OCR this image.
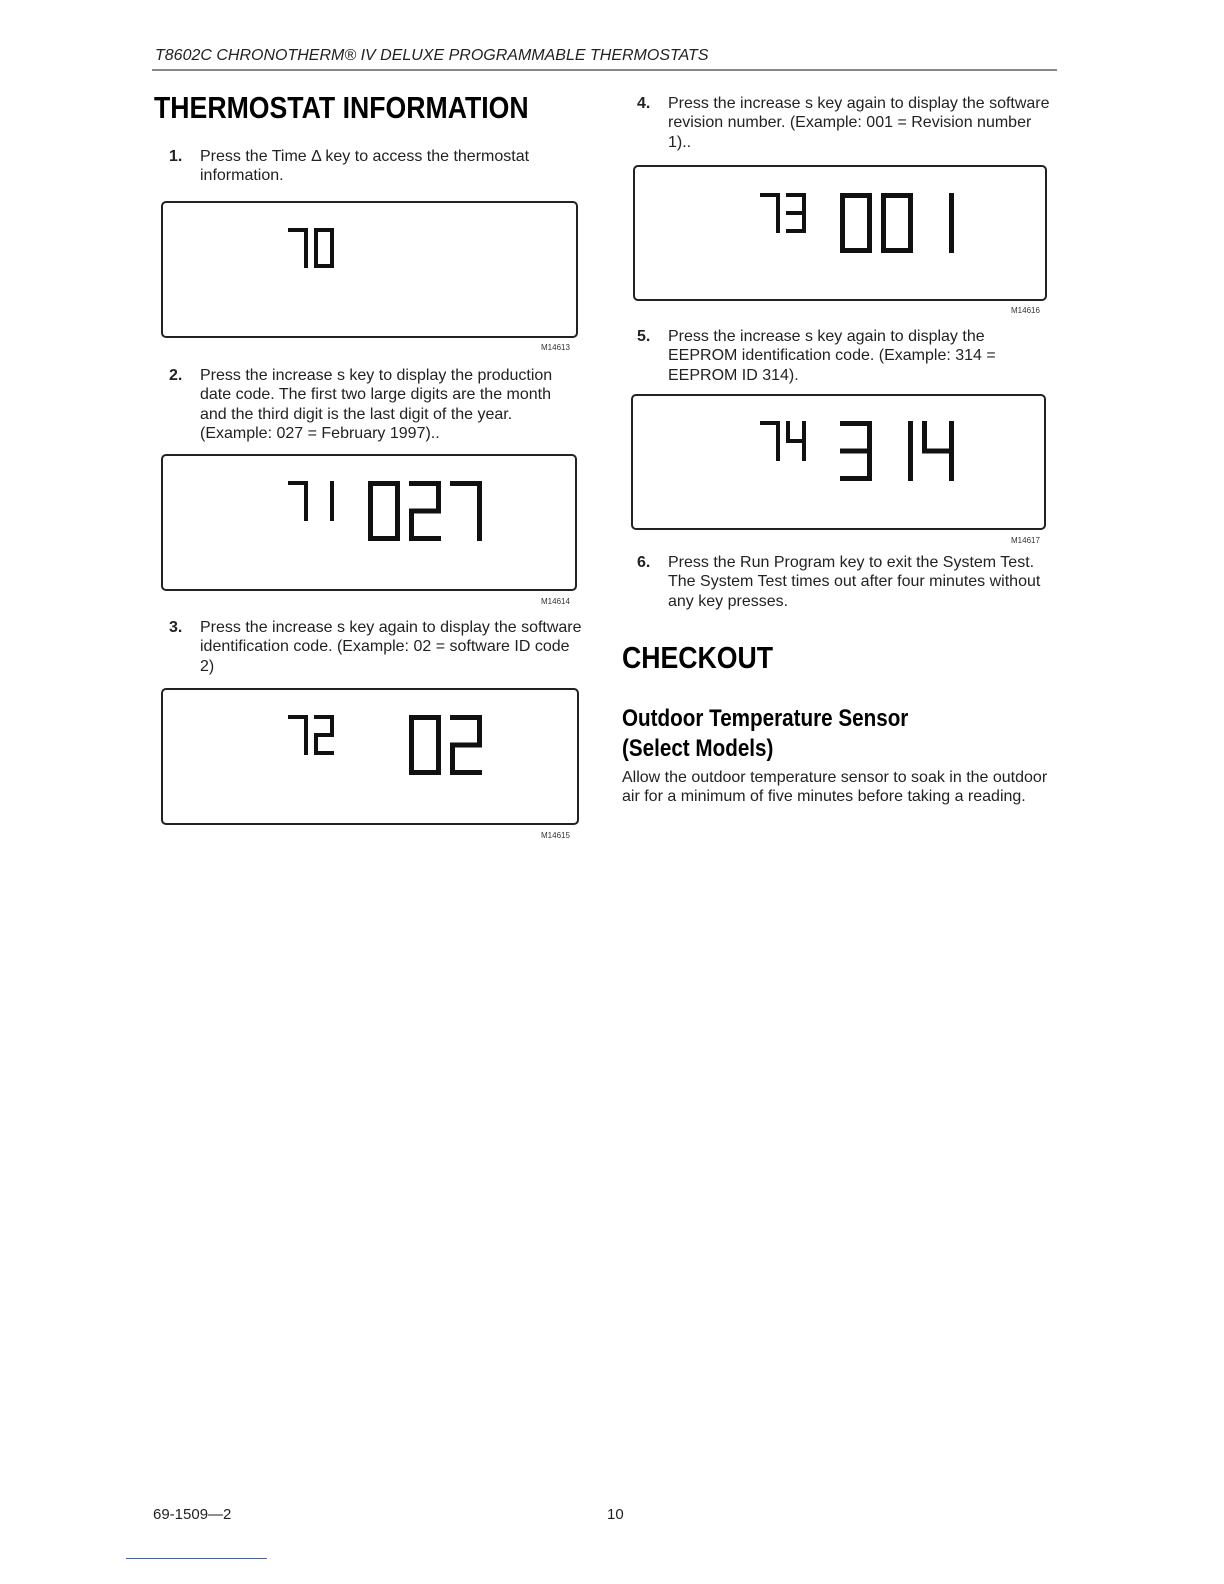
T8602C CHRONOTHERM® IV DELUXE PROGRAMMABLE THERMOSTATS
THERMOSTAT INFORMATION
1. Press the Time Δ key to access the thermostat information.
M14613
2. Press the increase s key to display the production date code. The first two large digits are the month and the third digit is the last digit of the year. (Example: 027 = February 1997)..
M14614
3. Press the increase s key again to display the software identification code. (Example: 02 = software ID code 2)
M14615
4. Press the increase s key again to display the software revision number. (Example: 001 = Revision number 1)..
M14616
5. Press the increase s key again to display the EEPROM identification code. (Example: 314 = EEPROM ID 314).
M14617
6. Press the Run Program key to exit the System Test. The System Test times out after four minutes without any key presses.
CHECKOUT
Outdoor Temperature Sensor
(Select Models)
Allow the outdoor temperature sensor to soak in the outdoor air for a minimum of five minutes before taking a reading.
69-1509—2	10
